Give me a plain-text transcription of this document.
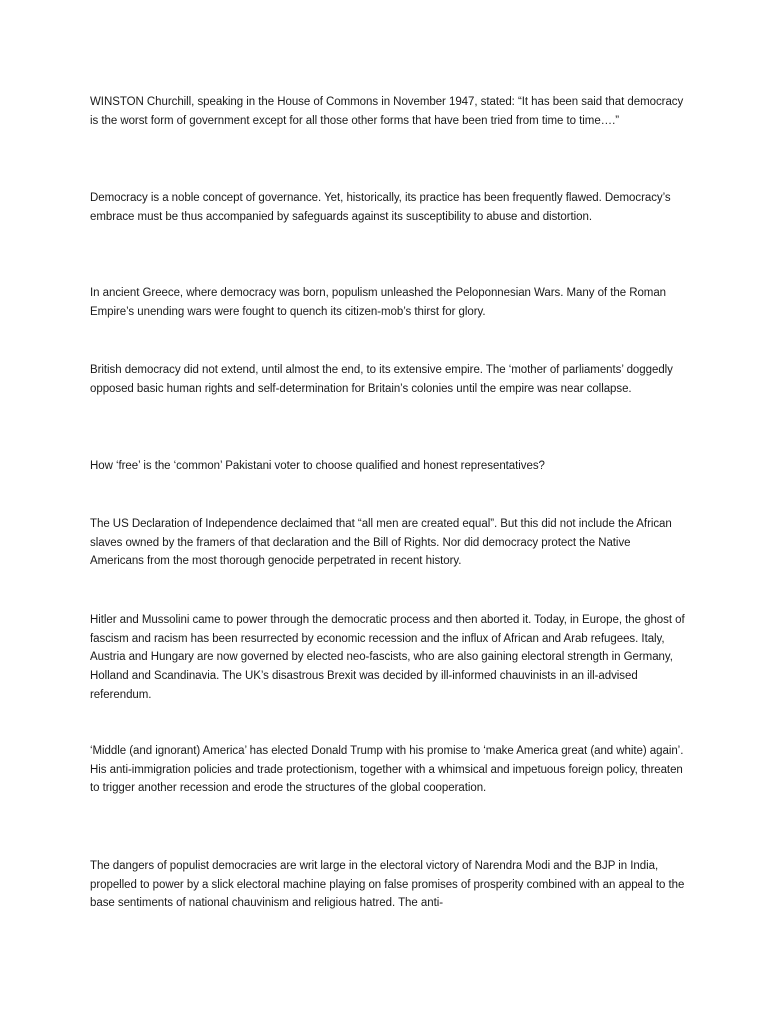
WINSTON Churchill, speaking in the House of Commons in November 1947, stated: “It has been said that democracy is the worst form of government except for all those other forms that have been tried from time to time….”

Democracy is a noble concept of governance. Yet, historically, its practice has been frequently flawed. Democracy’s embrace must be thus accompanied by safeguards against its susceptibility to abuse and distortion.

In ancient Greece, where democracy was born, populism unleashed the Peloponnesian Wars. Many of the Roman Empire’s unending wars were fought to quench its citizen-mob’s thirst for glory.

British democracy did not extend, until almost the end, to its extensive empire. The ‘mother of parliaments’ doggedly opposed basic human rights and self-determination for Britain’s colonies until the empire was near collapse.

How ‘free’ is the ‘common’ Pakistani voter to choose qualified and honest representatives?

The US Declaration of Independence declaimed that “all men are created equal”. But this did not include the African slaves owned by the framers of that declaration and the Bill of Rights. Nor did democracy protect the Native Americans from the most thorough genocide perpetrated in recent history.

Hitler and Mussolini came to power through the democratic process and then aborted it. Today, in Europe, the ghost of fascism and racism has been resurrected by economic recession and the influx of African and Arab refugees. Italy, Austria and Hungary are now governed by elected neo-fascists, who are also gaining electoral strength in Germany, Holland and Scandinavia. The UK’s disastrous Brexit was decided by ill-informed chauvinists in an ill-advised referendum.

‘Middle (and ignorant) America’ has elected Donald Trump with his promise to ‘make America great (and white) again’. His anti-immigration policies and trade protectionism, together with a whimsical and impetuous foreign policy, threaten to trigger another recession and erode the structures of the global cooperation.

The dangers of populist democracies are writ large in the electoral victory of Narendra Modi and the BJP in India, propelled to power by a slick electoral machine playing on false promises of prosperity combined with an appeal to the base sentiments of national chauvinism and religious hatred. The anti-
